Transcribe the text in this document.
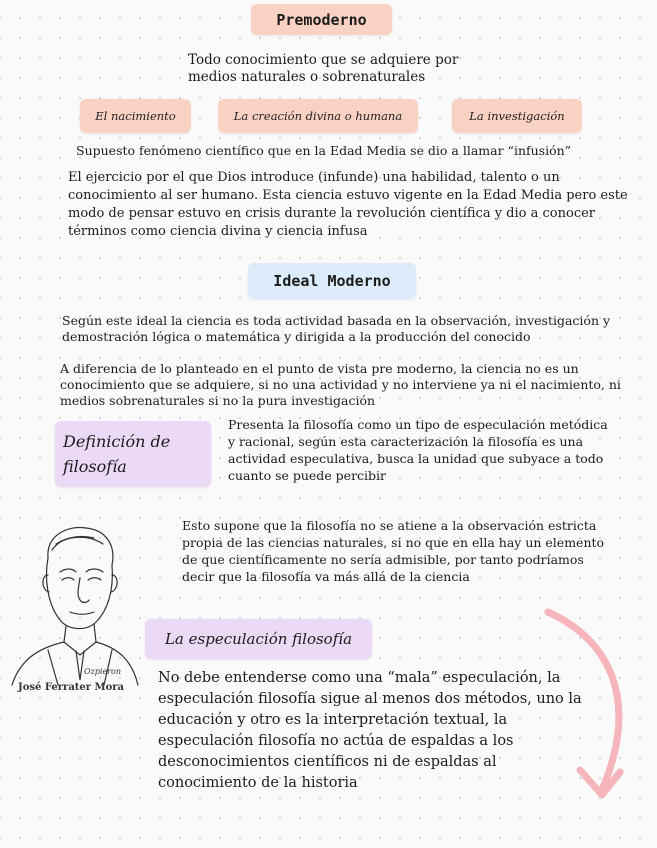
Premoderno

Todo conocimiento que se adquiere por medios naturales o sobrenaturales

El nacimiento	La creación divina o humana	La investigación

Supuesto fenómeno científico que en la Edad Media se dio a llamar “infusión”

El ejercicio por el que Dios introduce (infunde) una habilidad, talento o un conocimiento al ser humano. Esta ciencia estuvo vigente en la Edad Media pero este modo de pensar estuvo en crisis durante la revolución científica y dio a conocer términos como ciencia divina y ciencia infusa

Ideal Moderno

Según este ideal la ciencia es toda actividad basada en la observación, investigación y demostración lógica o matemática y dirigida a la producción del conocido

A diferencia de lo planteado en el punto de vista pre moderno, la ciencia no es un conocimiento que se adquiere, si no una actividad y no interviene ya ni el nacimiento, ni medios sobrenaturales si no la pura investigación

Definición de filosofía

Presenta la filosofía como un tipo de especulación metódica y racional, según esta caracterización la filosofía es una actividad especulativa, busca la unidad que subyace a todo cuanto se puede percibir

Esto supone que la filosofía no se atiene a la observación estricta propia de las ciencias naturales, si no que en ella hay un elemento de que científicamente no sería admisible, por tanto podríamos decir que la filosofía va más allá de la ciencia

Ozpieron
José Ferrater Mora
La especulación filosofía

No debe entenderse como una “mala” especulación, la especulación filosofía sigue al menos dos métodos, uno la educación y otro es la interpretación textual, la especulación filosofía no actúa de espaldas a los desconocimientos científicos ni de espaldas al conocimiento de la historia
